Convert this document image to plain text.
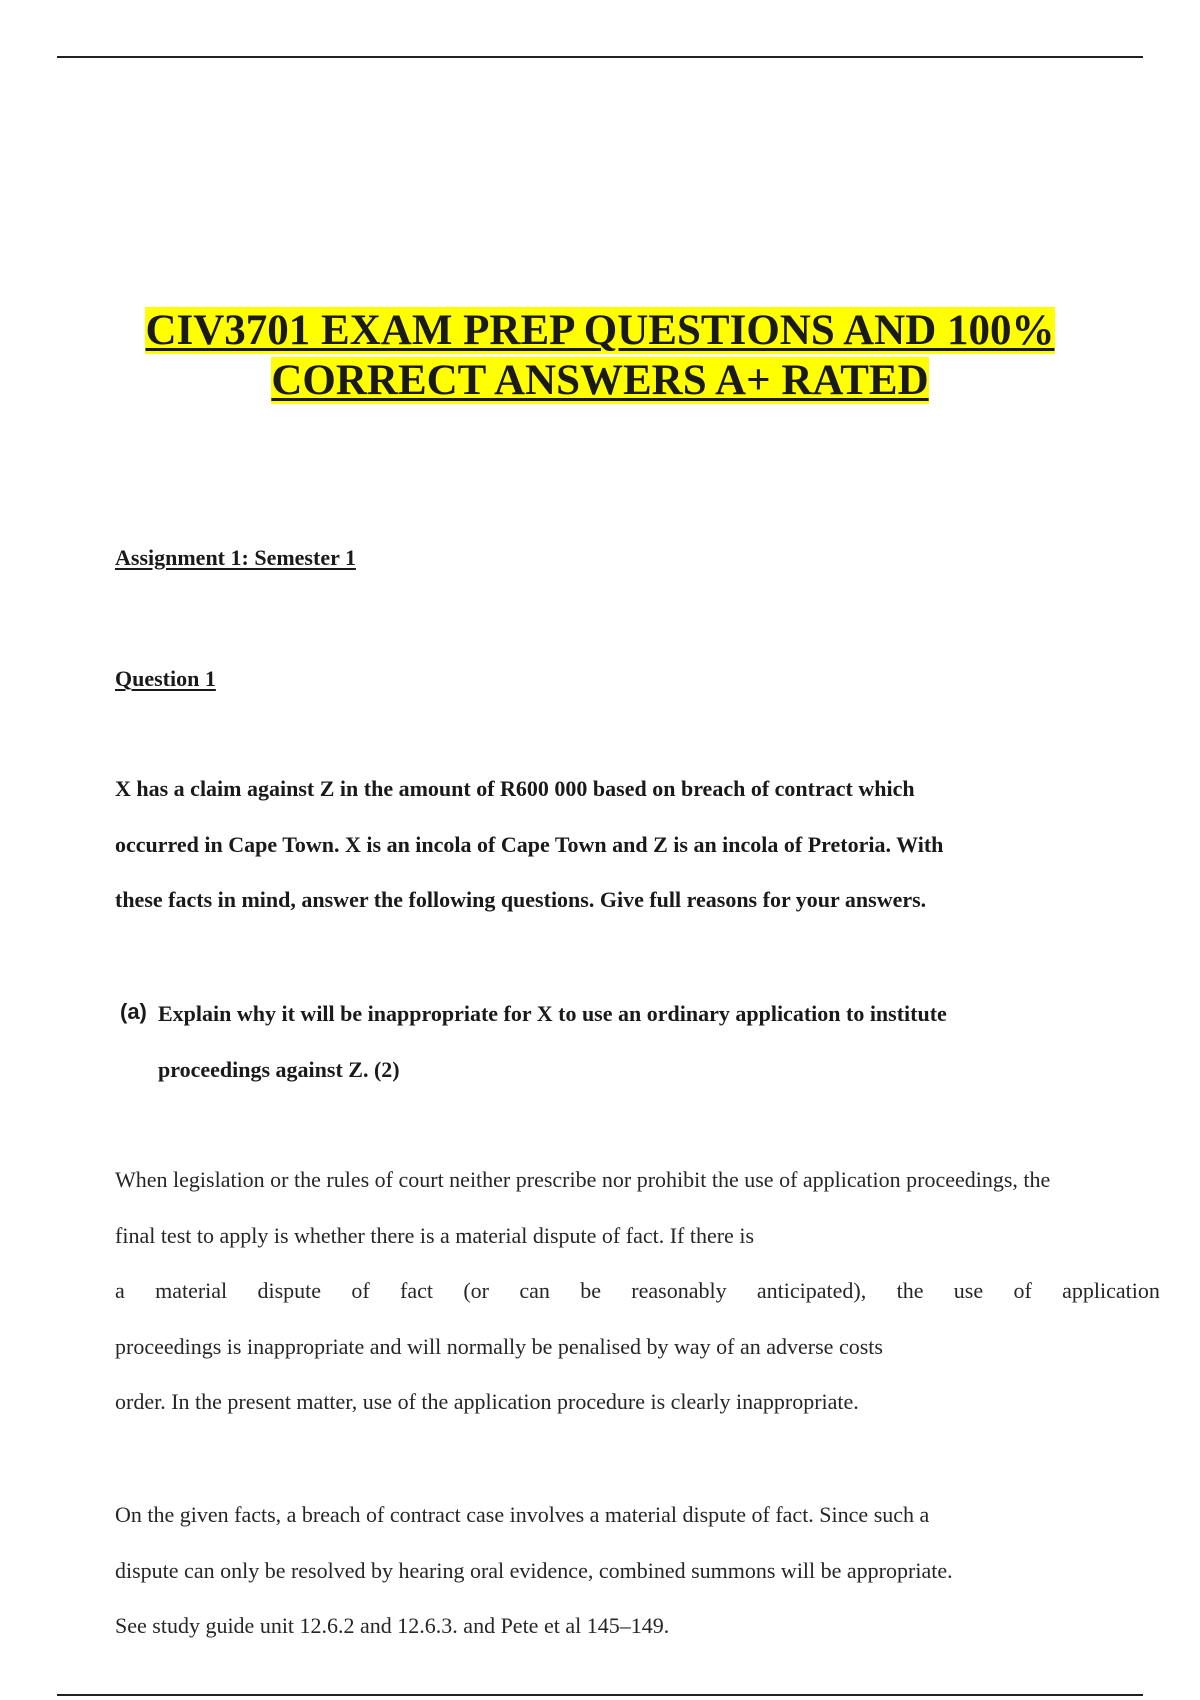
CIV3701 EXAM PREP QUESTIONS AND 100%
CORRECT ANSWERS A+ RATED

Assignment 1: Semester 1

Question 1

X has a claim against Z in the amount of R600 000 based on breach of contract which

occurred in Cape Town. X is an incola of Cape Town and Z is an incola of Pretoria. With

these facts in mind, answer the following questions. Give full reasons for your answers.

(a) Explain why it will be inappropriate for X to use an ordinary application to institute

proceedings against Z. (2)

When legislation or the rules of court neither prescribe nor prohibit the use of application proceedings, the

final test to apply is whether there is a material dispute of fact. If there is

a material dispute of fact (or can be reasonably anticipated), the use of application

proceedings is inappropriate and will normally be penalised by way of an adverse costs

order. In the present matter, use of the application procedure is clearly inappropriate.

On the given facts, a breach of contract case involves a material dispute of fact. Since such a

dispute can only be resolved by hearing oral evidence, combined summons will be appropriate.

See study guide unit 12.6.2 and 12.6.3. and Pete et al 145–149.
